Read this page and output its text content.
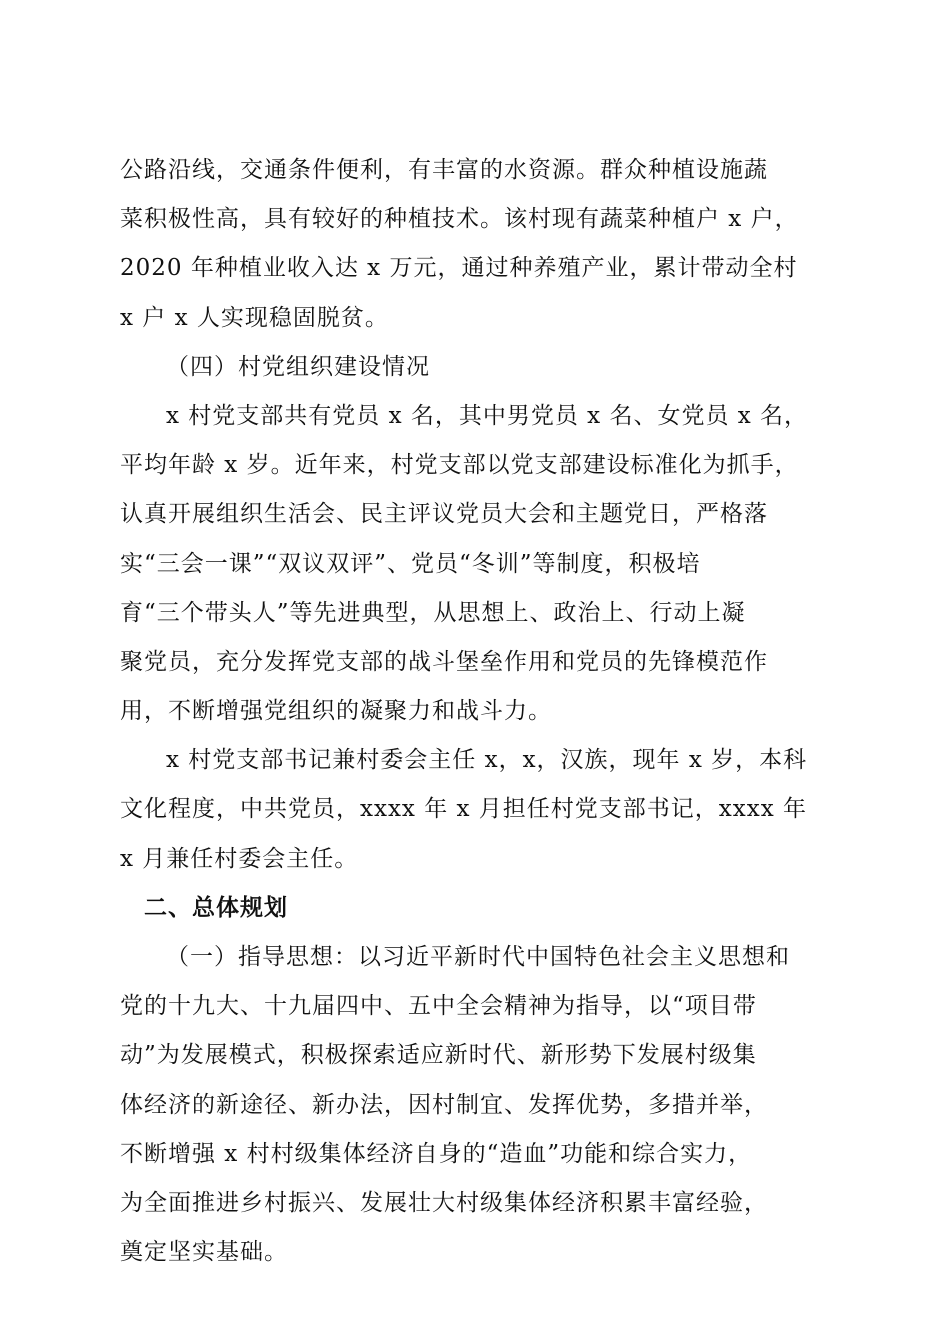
公路沿线，交通条件便利，有丰富的水资源。群众种植设施蔬
菜积极性高，具有较好的种植技术。该村现有蔬菜种植户 x 户，
2020 年种植业收入达 x 万元，通过种养殖产业，累计带动全村
x 户 x 人实现稳固脱贫。
（四）村党组织建设情况
x 村党支部共有党员 x 名，其中男党员 x 名、女党员 x 名，
平均年龄 x 岁。近年来，村党支部以党支部建设标准化为抓手，
认真开展组织生活会、民主评议党员大会和主题党日，严格落
实“三会一课”“双议双评”、党员“冬训”等制度，积极培
育“三个带头人”等先进典型，从思想上、政治上、行动上凝
聚党员，充分发挥党支部的战斗堡垒作用和党员的先锋模范作
用，不断增强党组织的凝聚力和战斗力。
x 村党支部书记兼村委会主任 x，x，汉族，现年 x 岁，本科
文化程度，中共党员，xxxx 年 x 月担任村党支部书记，xxxx 年
x 月兼任村委会主任。
二、总体规划
（一）指导思想：以习近平新时代中国特色社会主义思想和
党的十九大、十九届四中、五中全会精神为指导，以“项目带
动”为发展模式，积极探索适应新时代、新形势下发展村级集
体经济的新途径、新办法，因村制宜、发挥优势，多措并举，
不断增强 x 村村级集体经济自身的“造血”功能和综合实力，
为全面推进乡村振兴、发展壮大村级集体经济积累丰富经验，
奠定坚实基础。
